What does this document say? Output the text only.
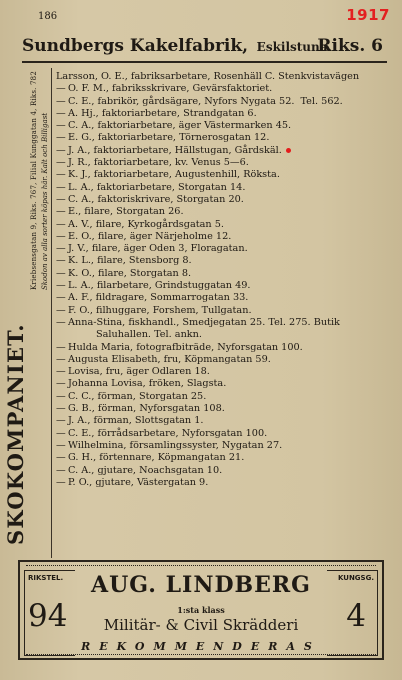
186	1917
Sundbergs Kakelfabrik, Eskilstuna.
Riks. 6
SKOKOMPANIET.
Kriebsensgatan 9, Riks. 767, Filial Kunggatan 4, Riks. 782 Skodon av alla sorter köpas här. Kalt och Billigast
Larsson, O. E., fabriksarbetare, Rosenhäll C. Stenkvistavägen
— O. F. M., fabriksskrivare, Gevärsfaktoriet.
— C. E., fabrikör, gårdsägare, Nyfors Nygata 52. Tel. 562.
— A. Hj., faktoriarbetare, Strandgatan 6.
— C. A., faktoriarbetare, äger Västermarken 45.
— E. G., faktoriarbetare, Törnerosgatan 12.
— J. A., faktoriarbetare, Hällstugan, Gårdskäl.
— J. R., faktoriarbetare, kv. Venus 5—6.
— K. J., faktoriarbetare, Augustenhill, Röksta.
— L. A., faktoriarbetare, Storgatan 14.
— C. A., faktoriskrivare, Storgatan 20.
— E., filare, Storgatan 26.
— A. V., filare, Kyrkogårdsgatan 5.
— E. O., filare, äger Närjeholme 12.
— J. V., filare, äger Oden 3, Floragatan.
— K. L., filare, Stensborg 8.
— K. O., filare, Storgatan 8.
— L. A., filarbetare, Grindstuggatan 49.
— A. F., fildragare, Sommarrogatan 33.
— F. O., filhuggare, Forshem, Tullgatan.
— Anna-Stina, fiskhandl., Smedjegatan 25. Tel. 275. Butik
Saluhallen. Tel. ankn.
— Hulda Maria, fotografbiträde, Nyforsgatan 100.
— Augusta Elisabeth, fru, Köpmangatan 59.
— Lovisa, fru, äger Odlaren 18.
— Johanna Lovisa, fröken, Slagsta.
— C. C., förman, Storgatan 25.
— G. B., förman, Nyforsgatan 108.
— J. A., förman, Slottsgatan 1.
— C. E., förrådsarbetare, Nyforsgatan 100.
— Wilhelmina, församlingssyster, Nygatan 27.
— G. H., förtennare, Köpmangatan 21.
— C. A., gjutare, Noachsgatan 10.
— P. O., gjutare, Västergatan 9.
RIKSTEL.
94
AUG. LINDBERG
1:sta klass
Militär- & Civil Skrädderi
REKOMMENDERAS
KUNGSG.
4
